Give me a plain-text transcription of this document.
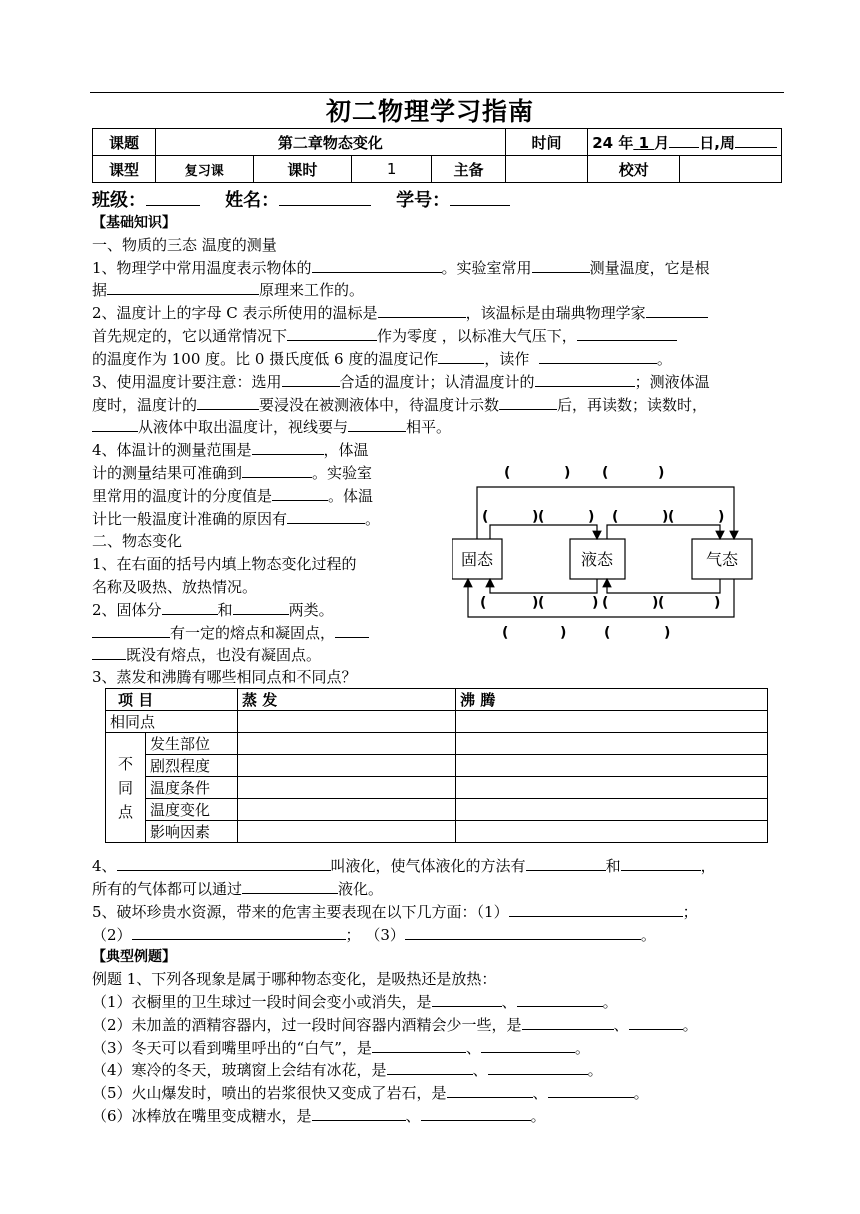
初二物理学习指南
课题	第二章物态变化				时间	24 年 1 月 日,周	
课型	复习课	课时	1	主备		校对	
班级：	姓名：	学号：
【基础知识】
一、物质的三态 温度的测量
1、物理学中常用温度表示物体的	。实验室常用	测量温度，它是根
据	原理来工作的。
2、温度计上的字母 C 表示所使用的温标是	，该温标是由瑞典物理学家
首先规定的，它以通常情况下	作为零度 ，以标准大气压下，
的温度作为 100 度。比 0 摄氏度低 6 度的温度记作	，读作	。
3、使用温度计要注意：选用	合适的温度计；认清温度计的	；测液体温
度时，温度计的	要浸没在被测液体中，待温度计示数	后，再读数；读数时，
从液体中取出温度计，视线要与	相平。
4、体温计的测量范围是	，体温
计的测量结果可准确到	。实验室
里常用的温度计的分度值是	。体温
计比一般温度计准确的原因有	。
二、物态变化
1、在右面的括号内填上物态变化过程的
名称及吸热、放热情况。
2、固体分	和	两类。
有一定的熔点和凝固点，
既没有熔点，也没有凝固点。
3、蒸发和沸腾有哪些相同点和不同点？
固态	液态	气态
(	) (	)
(	) (	) (	) (	)
(	) (	) (	) (	)
(	)	(	)
项 目		蒸 发	沸 腾
相同点			
不
同
点	发生部位		
	剧烈程度		
	温度条件		
	温度变化		
	影响因素		
4、	叫液化，使气体液化的方法有	和	，
所有的气体都可以通过	液化。
5、破坏珍贵水资源，带来的危害主要表现在以下几方面：（1）	；
（2）	； （3）	。
【典型例题】
例题 1、下列各现象是属于哪种物态变化，是吸热还是放热：
（1）衣橱里的卫生球过一段时间会变小或消失，是	、	。
（2）未加盖的酒精容器内，过一段时间容器内酒精会少一些，是	、	。
（3）冬天可以看到嘴里呼出的“白气”，是	、	。
（4）寒冷的冬天，玻璃窗上会结有冰花，是	、	。
（5）火山爆发时，喷出的岩浆很快又变成了岩石，是	、	。
（6）冰棒放在嘴里变成糖水，是	、	。
